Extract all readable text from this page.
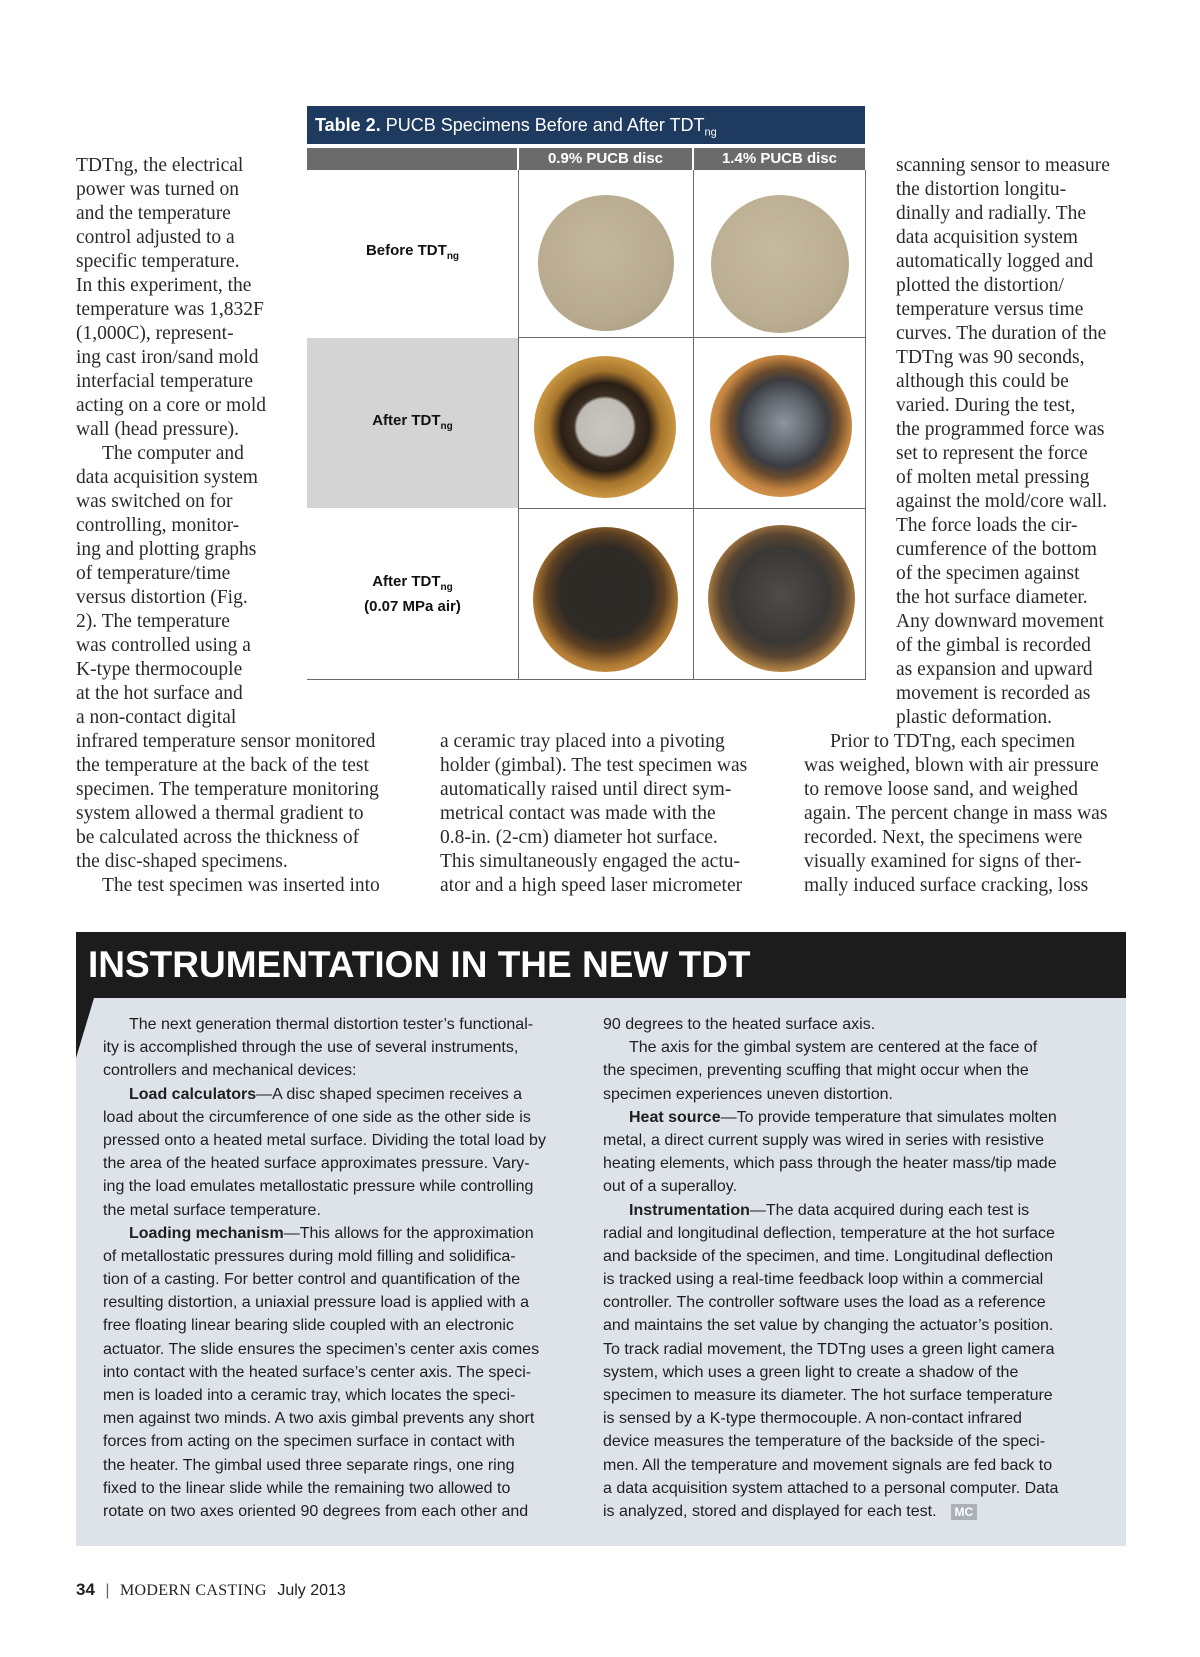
Table 2. PUCB Specimens Before and After $TDT_{ng}$
0.9% PUCB disc	1.4% PUCB disc
Before $TDT_{ng}$
After $TDT_{ng}$
After $TDT_{ng}$
(0.07 MPa air)
TDTng, the electrical
power was turned on
and the temperature
control adjusted to a
specific temperature.
In this experiment, the
temperature was 1,832F
(1,000C), represent-
ing cast iron/sand mold
interfacial temperature
acting on a core or mold
wall (head pressure).
The computer and
data acquisition system
was switched on for
controlling, monitor-
ing and plotting graphs
of temperature/time
versus distortion (Fig.
2). The temperature
was controlled using a
K-type thermocouple
at the hot surface and
a non-contact digital
infrared temperature sensor monitored
the temperature at the back of the test
specimen. The temperature monitoring
system allowed a thermal gradient to
be calculated across the thickness of
the disc-shaped specimens.
The test specimen was inserted into
a ceramic tray placed into a pivoting
holder (gimbal). The test specimen was
automatically raised until direct sym-
metrical contact was made with the
0.8-in. (2-cm) diameter hot surface.
This simultaneously engaged the actu-
ator and a high speed laser micrometer
scanning sensor to measure
the distortion longitu-
dinally and radially. The
data acquisition system
automatically logged and
plotted the distortion/
temperature versus time
curves. The duration of the
TDTng was 90 seconds,
although this could be
varied. During the test,
the programmed force was
set to represent the force
of molten metal pressing
against the mold/core wall.
The force loads the cir-
cumference of the bottom
of the specimen against
the hot surface diameter.
Any downward movement
of the gimbal is recorded
as expansion and upward
movement is recorded as
plastic deformation.
Prior to TDTng, each specimen
was weighed, blown with air pressure
to remove loose sand, and weighed
again. The percent change in mass was
recorded. Next, the specimens were
visually examined for signs of ther-
mally induced surface cracking, loss
INSTRUMENTATION IN THE NEW TDT
The next generation thermal distortion tester’s functional-
ity is accomplished through the use of several instruments,
controllers and mechanical devices:
Load calculators—A disc shaped specimen receives a
load about the circumference of one side as the other side is
pressed onto a heated metal surface. Dividing the total load by
the area of the heated surface approximates pressure. Vary-
ing the load emulates metallostatic pressure while controlling
the metal surface temperature.
Loading mechanism—This allows for the approximation
of metallostatic pressures during mold filling and solidifica-
tion of a casting. For better control and quantification of the
resulting distortion, a uniaxial pressure load is applied with a
free floating linear bearing slide coupled with an electronic
actuator. The slide ensures the specimen’s center axis comes
into contact with the heated surface’s center axis. The speci-
men is loaded into a ceramic tray, which locates the speci-
men against two minds. A two axis gimbal prevents any short
forces from acting on the specimen surface in contact with
the heater. The gimbal used three separate rings, one ring
fixed to the linear slide while the remaining two allowed to
rotate on two axes oriented 90 degrees from each other and
90 degrees to the heated surface axis.
The axis for the gimbal system are centered at the face of
the specimen, preventing scuffing that might occur when the
specimen experiences uneven distortion.
Heat source—To provide temperature that simulates molten
metal, a direct current supply was wired in series with resistive
heating elements, which pass through the heater mass/tip made
out of a superalloy.
Instrumentation—The data acquired during each test is
radial and longitudinal deflection, temperature at the hot surface
and backside of the specimen, and time. Longitudinal deflection
is tracked using a real-time feedback loop within a commercial
controller. The controller software uses the load as a reference
and maintains the set value by changing the actuator’s position.
To track radial movement, the TDTng uses a green light camera
system, which uses a green light to create a shadow of the
specimen to measure its diameter. The hot surface temperature
is sensed by a K-type thermocouple. A non-contact infrared
device measures the temperature of the backside of the speci-
men. All the temperature and movement signals are fed back to
a data acquisition system attached to a personal computer. Data
is analyzed, stored and displayed for each test. MC
34 | MODERN CASTING July 2013
